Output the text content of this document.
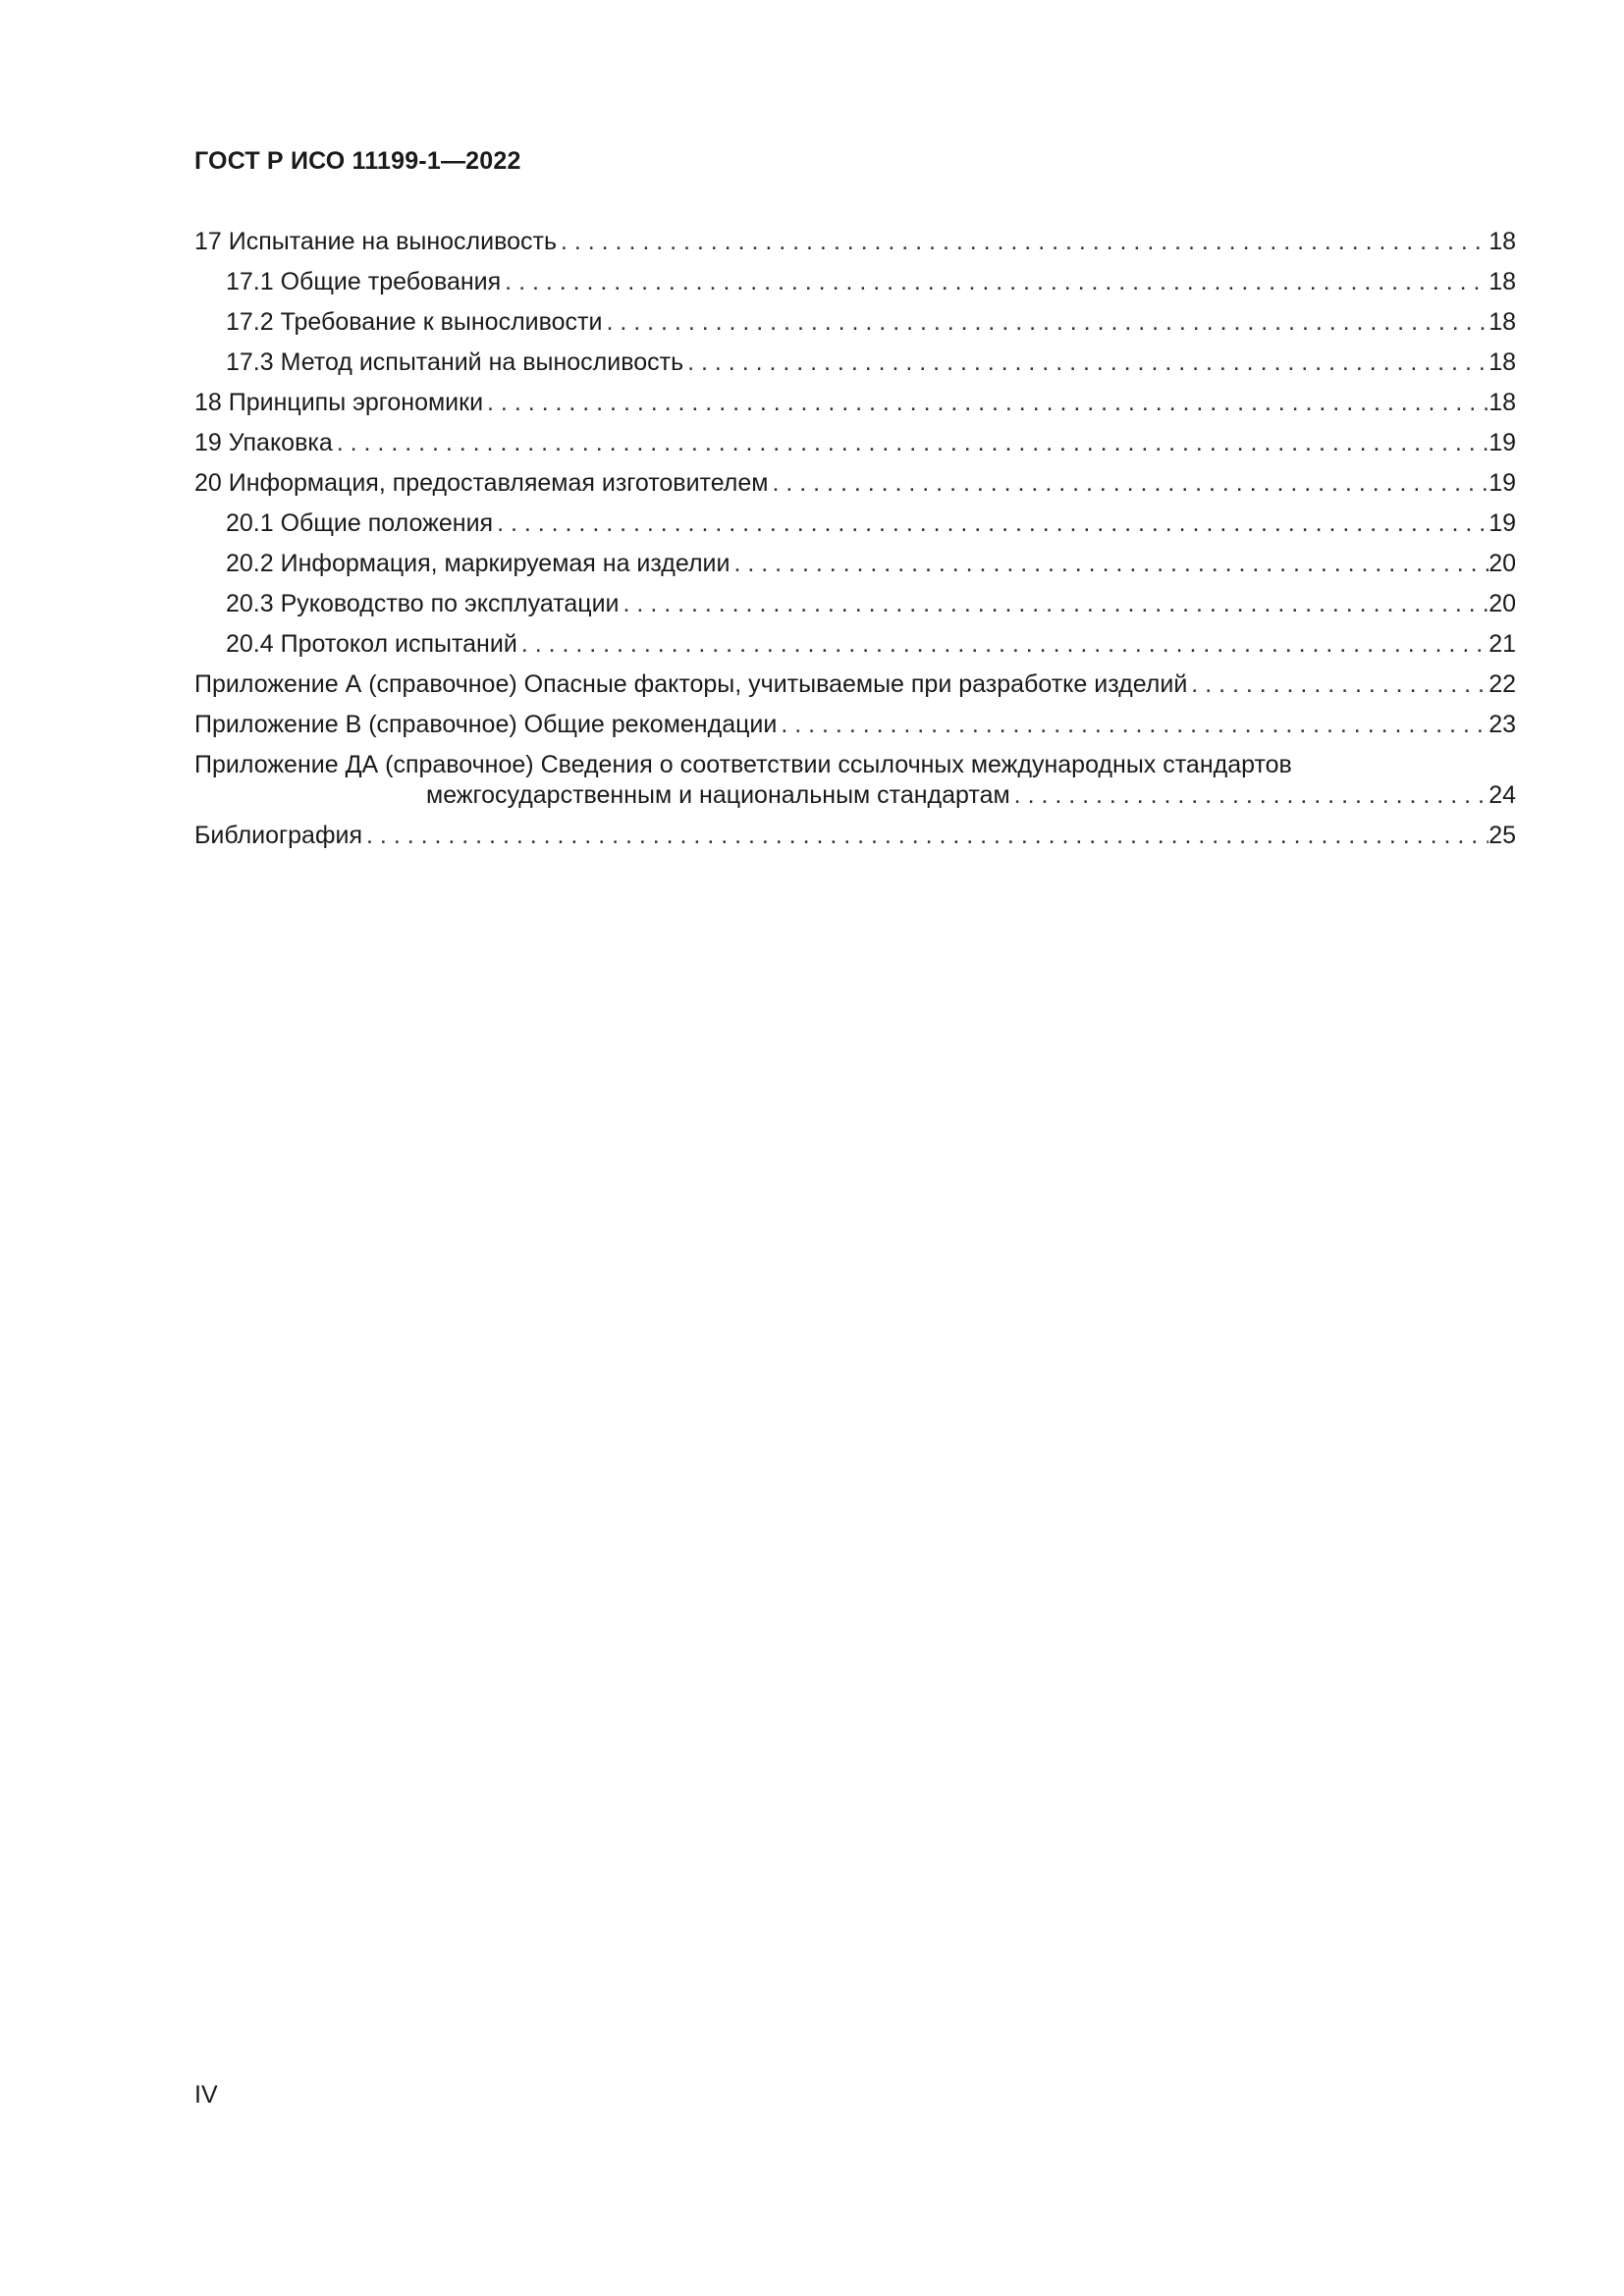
ГОСТ Р ИСО 11199-1—2022
17 Испытание на выносливость . . .	18
17.1 Общие требования . . .	18
17.2 Требование к выносливости . . .	18
17.3 Метод испытаний на выносливость . . .	18
18 Принципы эргономики . . .	18
19 Упаковка . . .	19
20 Информация, предоставляемая изготовителем . . .	19
20.1 Общие положения . . .	19
20.2 Информация, маркируемая на изделии . . .	20
20.3 Руководство по эксплуатации . . .	20
20.4 Протокол испытаний . . .	21
Приложение А (справочное) Опасные факторы, учитываемые при разработке изделий . . .	22
Приложение В (справочное) Общие рекомендации . . .	23
Приложение ДА (справочное) Сведения о соответствии ссылочных международных стандартов
межгосударственным и национальным стандартам . . .	24
Библиография . . .	25
IV
